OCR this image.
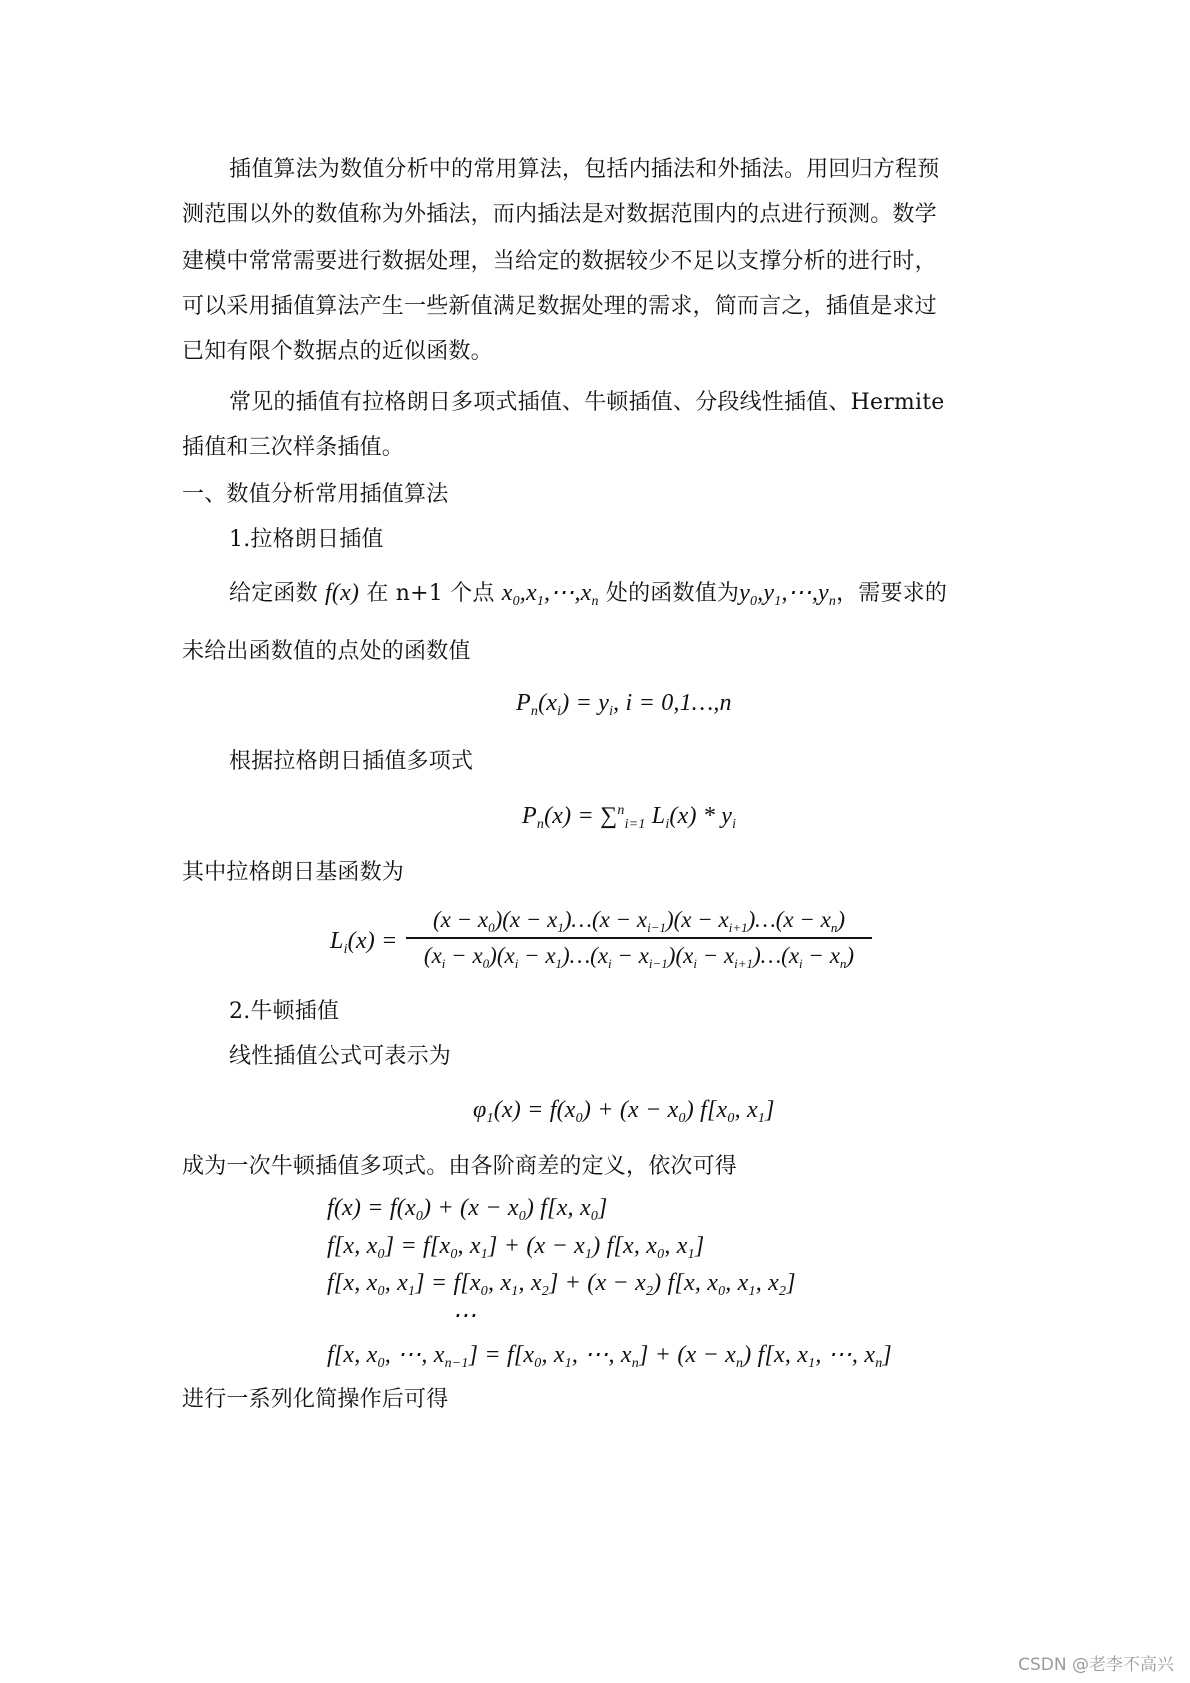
插值算法为数值分析中的常用算法，包括内插法和外插法。用回归方程预
测范围以外的数值称为外插法，而内插法是对数据范围内的点进行预测。数学
建模中常常需要进行数据处理，当给定的数据较少不足以支撑分析的进行时，
可以采用插值算法产生一些新值满足数据处理的需求，简而言之，插值是求过
已知有限个数据点的近似函数。
常见的插值有拉格朗日多项式插值、牛顿插值、分段线性插值、Hermite
插值和三次样条插值。
一、数值分析常用插值算法
1.拉格朗日插值
给定函数 f(x) 在 n+1 个点 $x_0,x_1,\cdots,x_n$ 处的函数值为$y_0,y_1,\cdots,y_n$，需要求的
未给出函数值的点处的函数值
$P_n(x_i) = y_i$, i = 0,1…,n
根据拉格朗日插值多项式
$P_n(x) = \sum^n_{i=1}$ $L_i(x) * y_i$
其中拉格朗日基函数为
$L_i(x)$ =
$(x - x_0)(x$ − $x_1)\dots(x - x_{i-1})(x$ − $x_{i+1})\dots(x - x_n)$
$(x_i - x_0)(x_i$ − $x_1)\dots(x_i - x_{i-1})(x_i$ − $x_{i+1})\dots(x_i - x_n)$
2.牛顿插值
线性插值公式可表示为
$\varphi_1(x) = f(x_0) + (x - x_0)$ $f[x_0$, $x_1$]
成为一次牛顿插值多项式。由各阶商差的定义，依次可得
$f(x) = f(x_0) + (x - x_0)$ f[x, $x_0$]
f[x, $x_0] = f[x_0$, $x_1] + (x - x_1)$ f[x, $x_0$, $x_1$]
f[x, $x_0$, $x_1] = f[x_0$, $x_1$, $x_2] + (x - x_2)$ f[x, $x_0$, $x_1$, $x_2$]
⋯
f[x, $x_0$, ⋯, $x_{n-1}] = f[x_0$, $x_1$, ⋯, $x_n] + (x - x_n)$ f[x, $x_1$, ⋯, $x_n$]
进行一系列化简操作后可得
CSDN @老李不高兴
